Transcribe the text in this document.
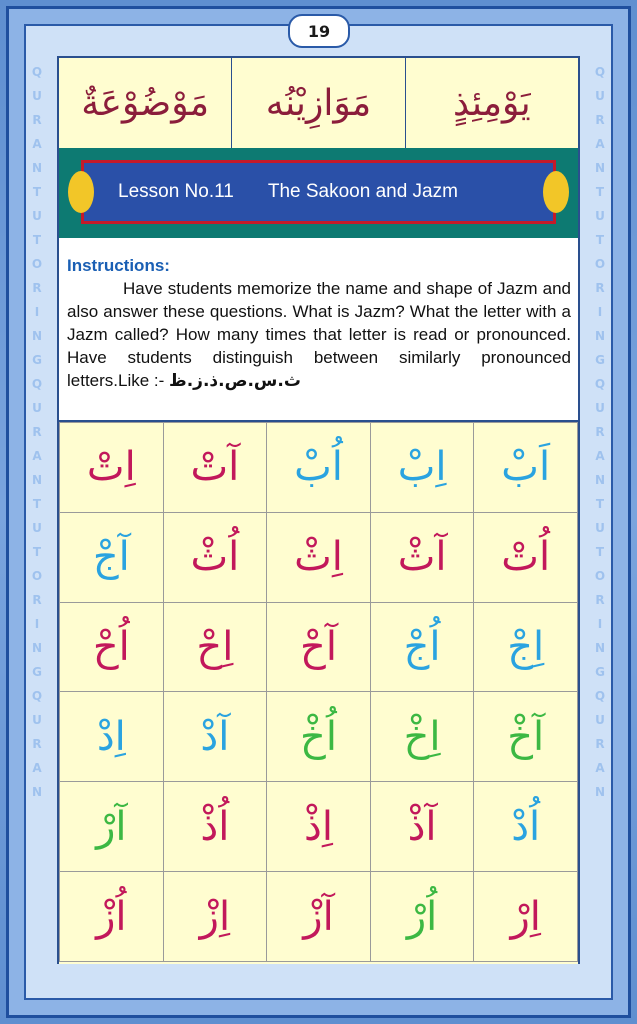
Q
U
R
A
N
T
U
T
O
R
I
N
G
Q
U
R
A
N
T
U
T
O
R
I
N
G
Q
U
R
A
N
Q
U
R
A
N
T
U
T
O
R
I
N
G
Q
U
R
A
N
T
U
T
O
R
I
N
G
Q
U
R
A
N
19
مَوْضُوْعَةٌ	مَوَازِيْنُه	يَوْمِئِذٍ
Lesson No.11 The Sakoon and Jazm
Instructions:
Have students memorize the name and shape of Jazm and also answer these questions. What is Jazm? What the letter with a Jazm called? How many times that letter is read or pronounced. Have students distinguish between similarly pronounced letters.Like :- ث.س.ص.ذ.ز.ظ
اِتْ	آتْ	اُبْ	اِبْ	اَبْ
آجْ	اُثْ	اِثْ	آثْ	اُتْ
اُحْ	اِحْ	آحْ	اُجْ	اِجْ
اِدْ	آدْ	اُخْ	اِخْ	آخْ
آرْ	اُذْ	اِذْ	آذْ	اُدْ
اُزْ	اِزْ	آزْ	اُرْ	اِرْ
